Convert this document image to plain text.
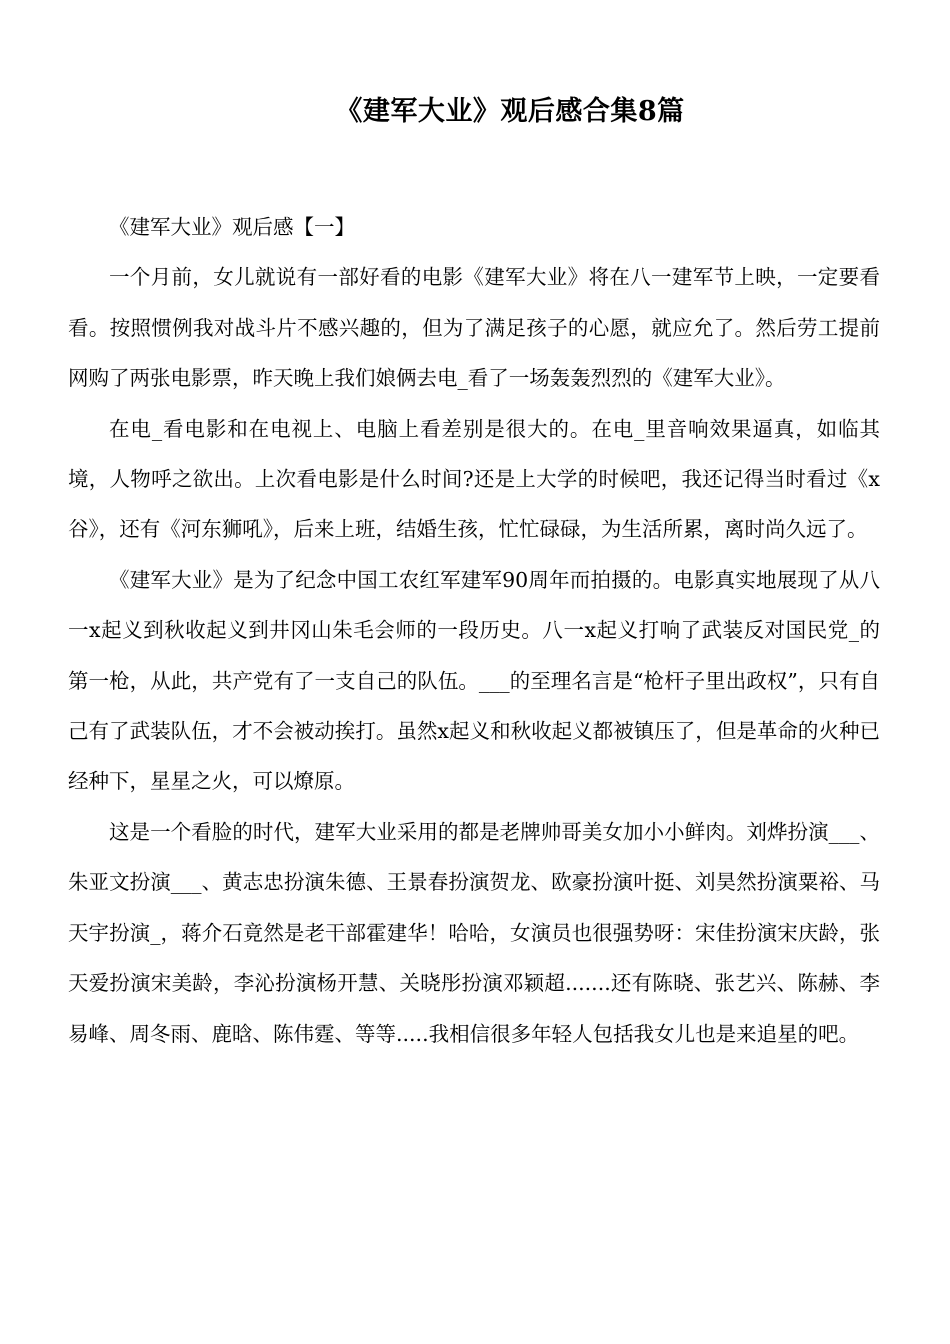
《建军大业》观后感合集8篇

《建军大业》观后感【一】

一个月前，女儿就说有一部好看的电影《建军大业》将在八一建军节上映，一定要看看。按照惯例我对战斗片不感兴趣的，但为了满足孩子的心愿，就应允了。然后劳工提前网购了两张电影票，昨天晚上我们娘俩去电_看了一场轰轰烈烈的《建军大业》。

在电_看电影和在电视上、电脑上看差别是很大的。在电_里音响效果逼真，如临其境，人物呼之欲出。上次看电影是什么时间?还是上大学的时候吧，我还记得当时看过《x谷》，还有《河东狮吼》，后来上班，结婚生孩，忙忙碌碌，为生活所累，离时尚久远了。

《建军大业》是为了纪念中国工农红军建军90周年而拍摄的。电影真实地展现了从八一x起义到秋收起义到井冈山朱毛会师的一段历史。八一x起义打响了武装反对国民党_的第一枪，从此，共产党有了一支自己的队伍。___的至理名言是“枪杆子里出政权”，只有自己有了武装队伍，才不会被动挨打。虽然x起义和秋收起义都被镇压了，但是革命的火种已经种下，星星之火，可以燎原。

这是一个看脸的时代，建军大业采用的都是老牌帅哥美女加小小鲜肉。刘烨扮演___、朱亚文扮演___、黄志忠扮演朱德、王景春扮演贺龙、欧豪扮演叶挺、刘昊然扮演粟裕、马天宇扮演_，蒋介石竟然是老干部霍建华！哈哈，女演员也很强势呀：宋佳扮演宋庆龄，张天爱扮演宋美龄，李沁扮演杨开慧、关晓彤扮演邓颖超.......还有陈晓、张艺兴、陈赫、李易峰、周冬雨、鹿晗、陈伟霆、等等.....我相信很多年轻人包括我女儿也是来追星的吧。
